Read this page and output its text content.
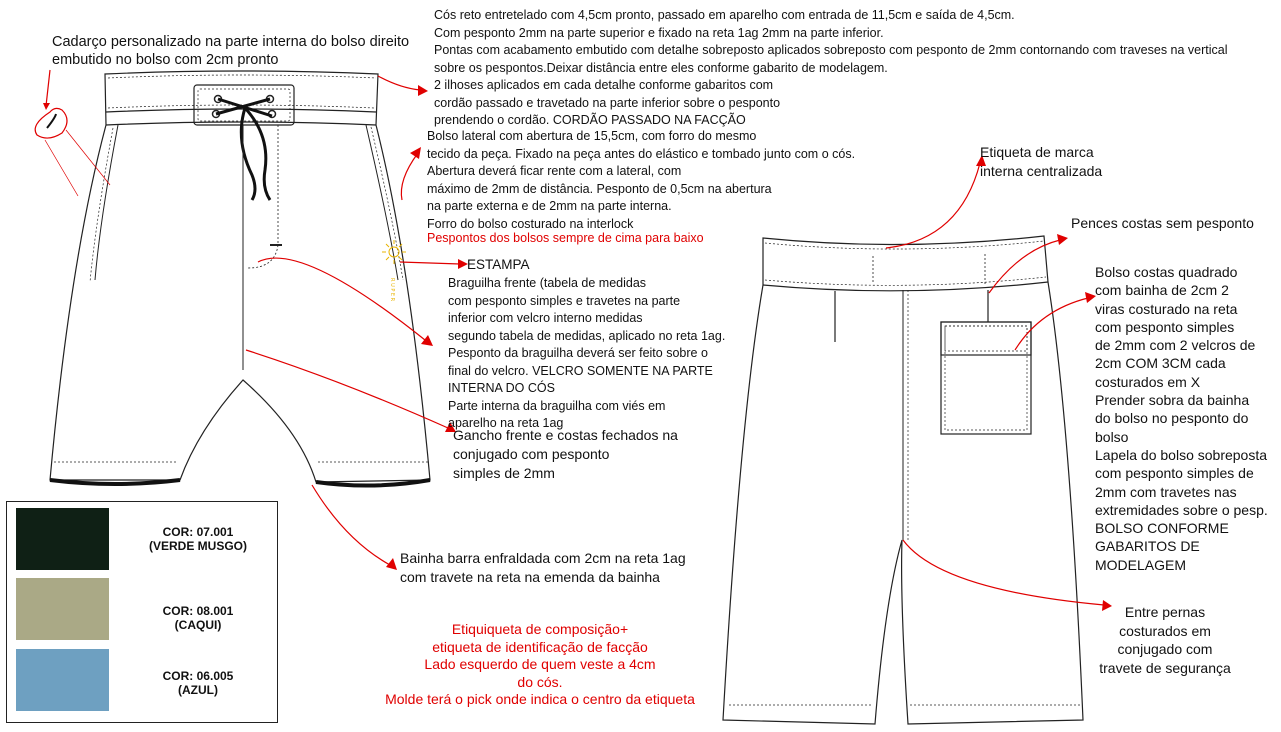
R U P E R
Cadarço personalizado na parte interna do bolso direito
embutido no bolso com 2cm pronto
Cós reto entretelado com 4,5cm pronto, passado em aparelho com entrada de 11,5cm e saída de 4,5cm.
Com pesponto 2mm na parte superior e fixado na reta 1ag 2mm na parte inferior.
Pontas com acabamento embutido com detalhe sobreposto aplicados sobreposto com pesponto de 2mm contornando com traveses na vertical
sobre os pespontos.Deixar distância entre eles conforme gabarito de modelagem.
2 ilhoses aplicados em cada detalhe conforme gabaritos com
cordão passado e travetado na parte inferior sobre o pesponto
prendendo o cordão. CORDÃO PASSADO NA FACÇÃO
Bolso lateral com abertura de 15,5cm, com forro do mesmo
tecido da peça. Fixado na peça antes do elástico e tombado junto com o cós.
Abertura deverá ficar rente com a lateral, com
máximo de 2mm de distância. Pesponto de 0,5cm na abertura
na parte externa e de 2mm na parte interna.
Forro do bolso costurado na interlock
Pespontos dos bolsos sempre de cima para baixo
ESTAMPA
Braguilha frente (tabela de medidas
com pesponto simples e travetes na parte
inferior com velcro interno medidas
segundo tabela de medidas, aplicado no reta 1ag.
Pesponto da braguilha deverá ser feito sobre o
final do velcro. VELCRO SOMENTE NA PARTE
INTERNA DO CÓS
Parte interna da braguilha com viés em
aparelho na reta 1ag
Gancho frente e costas fechados na
conjugado com pesponto
simples de 2mm
Bainha barra enfraldada com 2cm na reta 1ag
com travete na reta na emenda da bainha
Etiquiqueta de composição+
etiqueta de identificação de facção
Lado esquerdo de quem veste a 4cm
do cós.
Molde terá o pick onde indica o centro da etiqueta
Etiqueta de marca
interna centralizada
Pences costas sem pesponto
Bolso costas quadrado
com bainha de 2cm 2
viras costurado na reta
com pesponto simples
de 2mm com 2 velcros de
2cm COM 3CM cada
costurados em X
Prender sobra da bainha
do bolso no pesponto do
bolso
Lapela do bolso sobreposta
com pesponto simples de
2mm com travetes nas
extremidades sobre o pesp.
BOLSO CONFORME
GABARITOS DE
MODELAGEM
Entre pernas
costurados em
conjugado com
travete de segurança
COR: 07.001
(VERDE MUSGO)
COR: 08.001
(CAQUI)
COR: 06.005
(AZUL)
